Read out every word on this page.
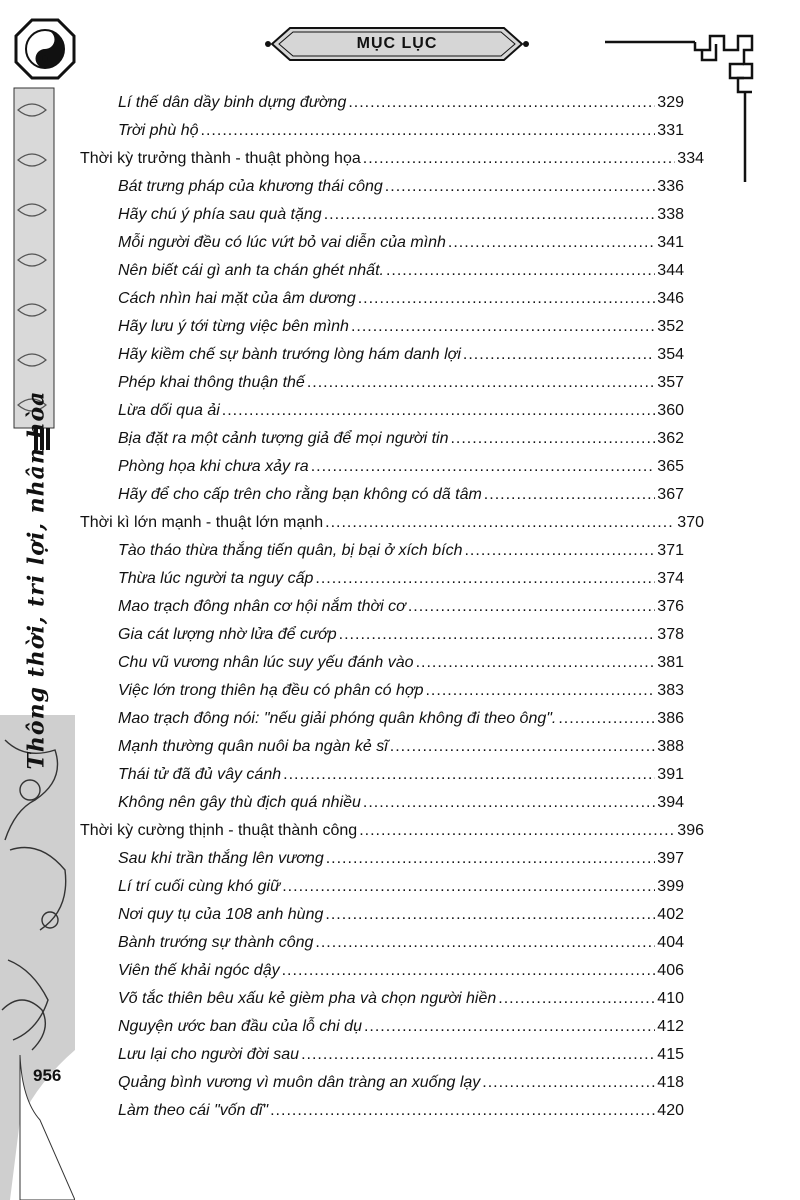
Thông thời, tri lợi, nhân hòa
956
MỤC LỤC
Lí thế dân dầy binh dựng đường .....	329
Trời phù hộ .....	331
Thời kỳ trưởng thành - thuật phòng họa .....	334
Bát trưng pháp của khương thái công .....	336
Hãy chú ý phía sau quà tặng .....	338
Mỗi người đều có lúc vứt bỏ vai diễn của mình .....	341
Nên biết cái gì anh ta chán ghét nhất. .....	344
Cách nhìn hai mặt của âm dương .....	346
Hãy lưu ý tới từng việc bên mình .....	352
Hãy kiềm chế sự bành trướng lòng hám danh lợi .....	354
Phép khai thông thuận thế .....	357
Lừa dối qua ải .....	360
Bịa đặt ra một cảnh tượng giả để mọi người tin .....	362
Phòng họa khi chưa xảy ra .....	365
Hãy để cho cấp trên cho rằng bạn không có dã tâm .....	367
Thời kì lớn mạnh - thuật lớn mạnh .....	370
Tào tháo thừa thắng tiến quân, bị bại ở xích bích .....	371
Thừa lúc người ta nguy cấp .....	374
Mao trạch đông nhân cơ hội nắm thời cơ .....	376
Gia cát lượng nhờ lửa để cướp .....	378
Chu vũ vương nhân lúc suy yếu đánh vào .....	381
Việc lớn trong thiên hạ đều có phân có hợp .....	383
Mao trạch đông nói: "nếu giải phóng quân không đi theo ông". .....	386
Mạnh thường quân nuôi ba ngàn kẻ sĩ .....	388
Thái tử đã đủ vây cánh .....	391
Không nên gây thù địch quá nhiều .....	394
Thời kỳ cường thịnh - thuật thành công .....	396
Sau khi trần thắng lên vương .....	397
Lí trí cuối cùng khó giữ .....	399
Nơi quy tụ của 108 anh hùng .....	402
Bành trướng sự thành công .....	404
Viên thế khải ngóc dậy .....	406
Võ tắc thiên bêu xấu kẻ gièm pha và chọn người hiền .....	410
Nguyện ước ban đầu của lỗ chi dụ .....	412
Lưu lại cho người đời sau .....	415
Quảng bình vương vì muôn dân tràng an xuống lạy .....	418
Làm theo cái "vốn dĩ" .....	420
